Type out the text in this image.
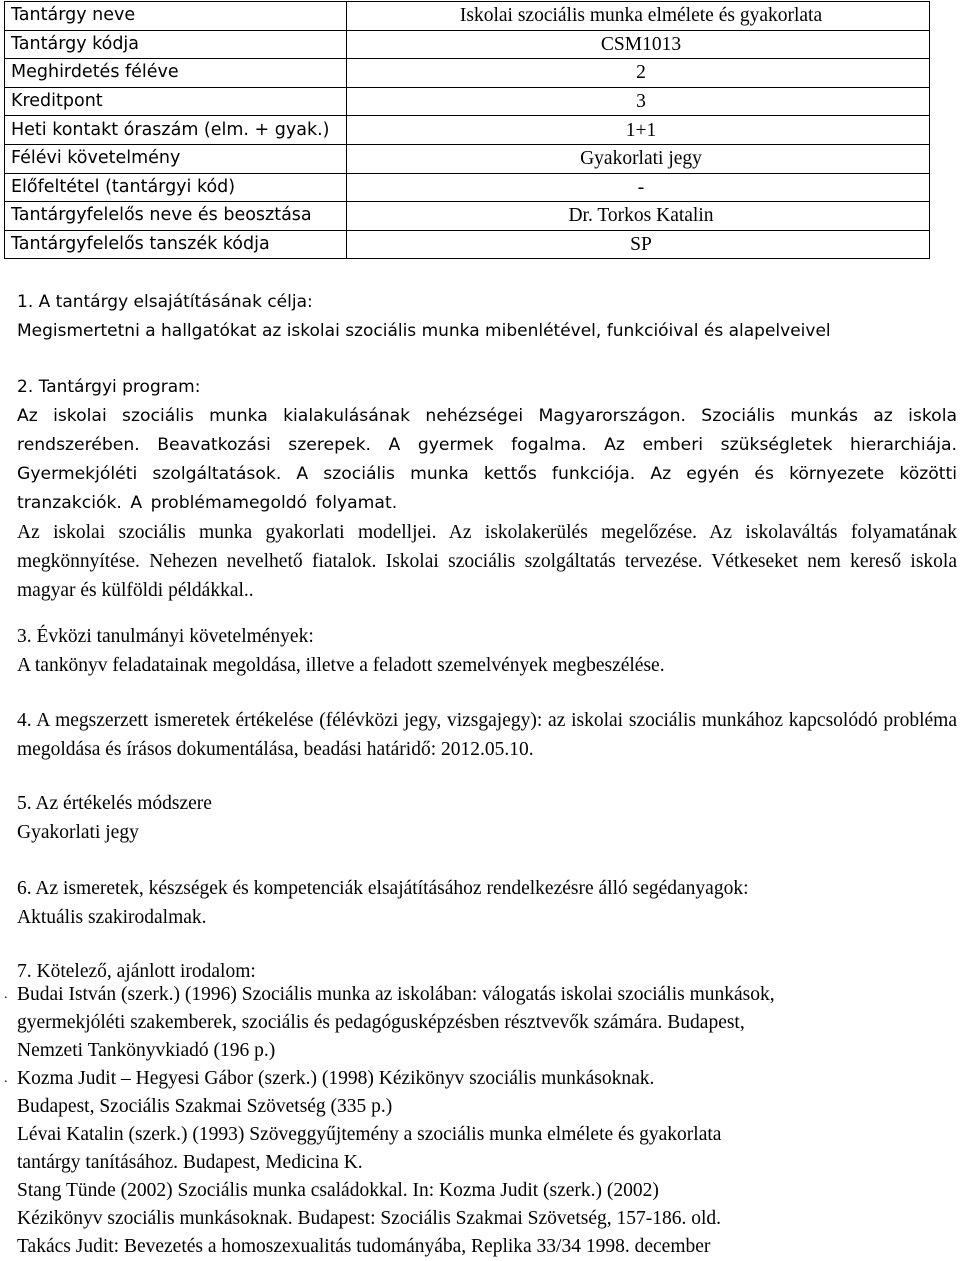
Tantárgy neve	Iskolai szociális munka elmélete és gyakorlata
Tantárgy kódja	CSM1013
Meghirdetés féléve	2
Kreditpont	3
Heti kontakt óraszám (elm. + gyak.)	1+1
Félévi követelmény	Gyakorlati jegy
Előfeltétel (tantárgyi kód)	-
Tantárgyfelelős neve és beosztása	Dr. Torkos Katalin
Tantárgyfelelős tanszék kódja	SP
1. A tantárgy elsajátításának célja:
Megismertetni a hallgatókat az iskolai szociális munka mibenlétével, funkcióival és alapelveivel
2. Tantárgyi program:
Az iskolai szociális munka kialakulásának nehézségei Magyarországon. Szociális munkás az iskola rendszerében. Beavatkozási szerepek. A gyermek fogalma. Az emberi szükségletek hierarchiája. Gyermekjóléti szolgáltatások. A szociális munka kettős funkciója. Az egyén és környezete közötti tranzakciók. A problémamegoldó folyamat.
Az iskolai szociális munka gyakorlati modelljei. Az iskolakerülés megelőzése. Az iskolaváltás folyamatának megkönnyítése. Nehezen nevelhető fiatalok. Iskolai szociális szolgáltatás tervezése. Vétkeseket nem kereső iskola magyar és külföldi példákkal..
3. Évközi tanulmányi követelmények:
A tankönyv feladatainak megoldása, illetve a feladott szemelvények megbeszélése.
4. A megszerzett ismeretek értékelése (félévközi jegy, vizsgajegy): az iskolai szociális munkához kapcsolódó probléma megoldása és írásos dokumentálása, beadási határidő: 2012.05.10.
5. Az értékelés módszere
Gyakorlati jegy
6. Az ismeretek, készségek és kompetenciák elsajátításához rendelkezésre álló segédanyagok:
Aktuális szakirodalmak.
7. Kötelező, ajánlott irodalom:
. Budai István (szerk.) (1996) Szociális munka az iskolában: válogatás iskolai szociális munkások,
gyermekjóléti szakemberek, szociális és pedagógusképzésben résztvevők számára. Budapest,
Nemzeti Tankönyvkiadó (196 p.)
. Kozma Judit – Hegyesi Gábor (szerk.) (1998) Kézikönyv szociális munkásoknak.
Budapest, Szociális Szakmai Szövetség (335 p.)
Lévai Katalin (szerk.) (1993) Szöveggyűjtemény a szociális munka elmélete és gyakorlata
tantárgy tanításához. Budapest, Medicina K.
Stang Tünde (2002) Szociális munka családokkal. In: Kozma Judit (szerk.) (2002)
Kézikönyv szociális munkásoknak. Budapest: Szociális Szakmai Szövetség, 157-186. old.
Takács Judit: Bevezetés a homoszexualitás tudományába, Replika 33/34 1998. december
